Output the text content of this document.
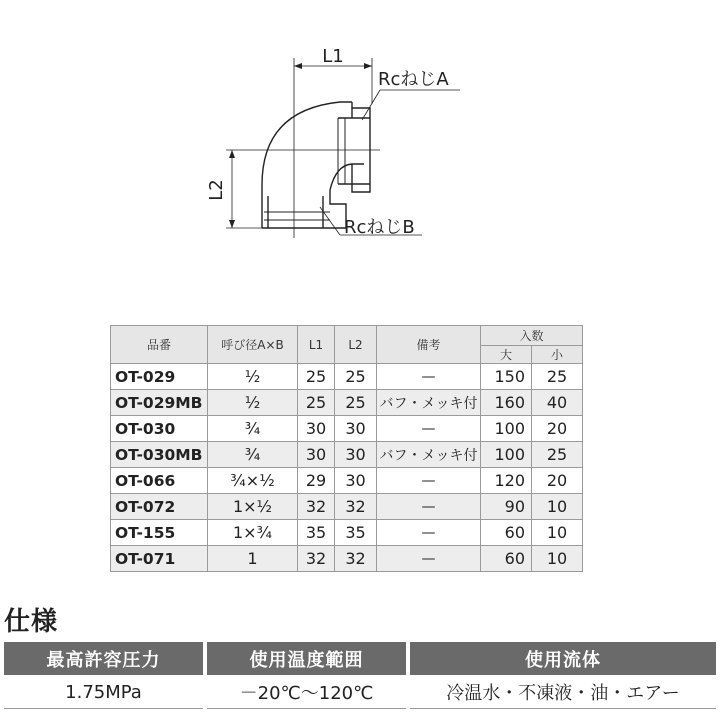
L1
L2
RcねじA
RcねじB
品番	呼び径A×B	L1	L2	備考	入数	
					大	小
OT-029	½	25	25	—	150	25
OT-029MB	½	25	25	バフ・メッキ付	160	40
OT-030	¾	30	30	—	100	20
OT-030MB	¾	30	30	バフ・メッキ付	100	25
OT-066	¾×½	29	30	—	120	20
OT-072	1×½	32	32	—	90	10
OT-155	1×¾	35	35	—	60	10
OT-071	1	32	32	—	60	10
仕様
最高許容圧力	使用温度範囲	使用流体
1.75MPa	－20℃～120℃	冷温水・不凍液・油・エアー
